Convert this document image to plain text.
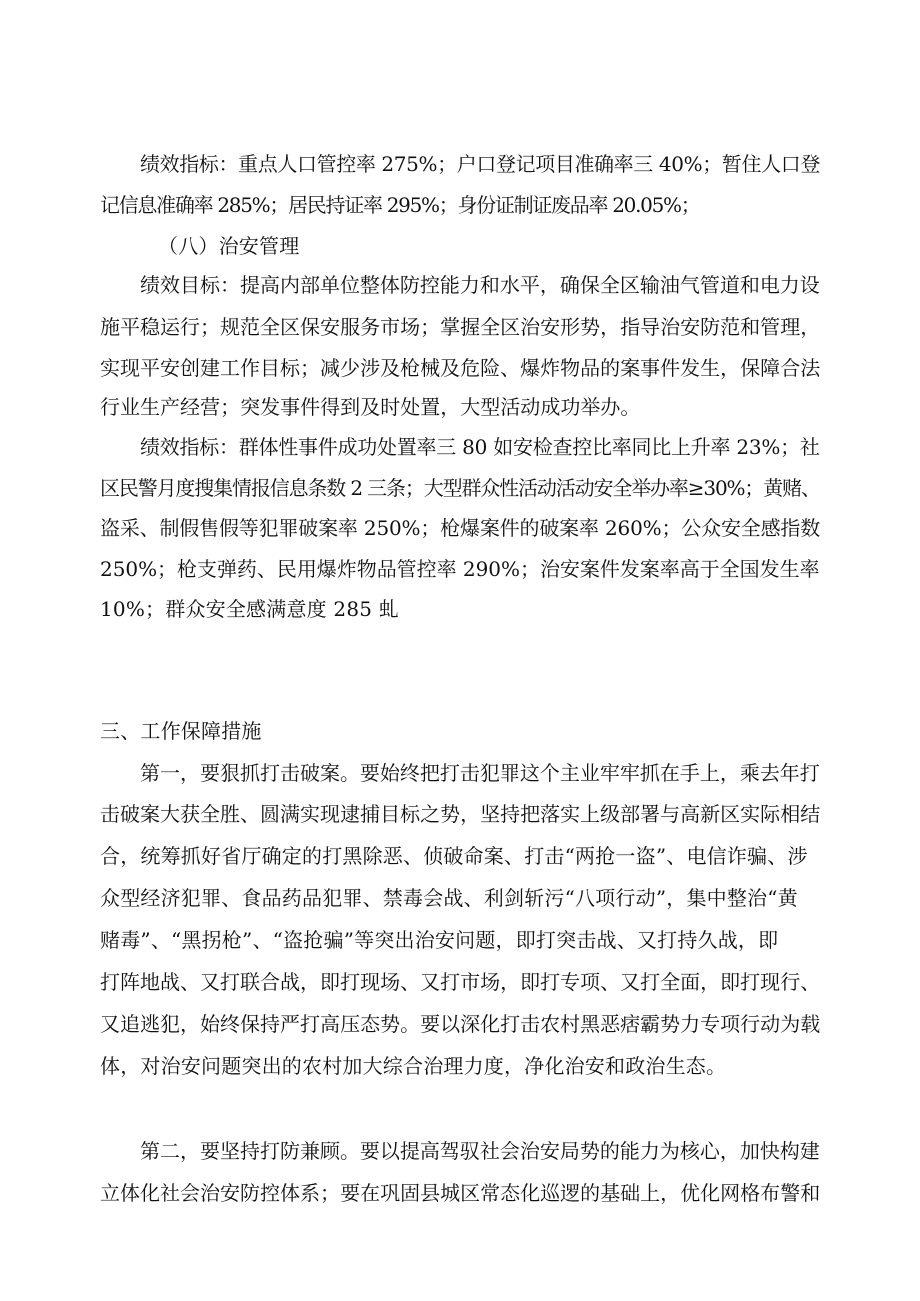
绩效指标：重点人口管控率 275%；户口登记项目准确率三 40%；暂住人口登
记信息准确率 285%；居民持证率 295%；身份证制证废品率 20.05%；
（八）治安管理
绩效目标：提高内部单位整体防控能力和水平，确保全区输油气管道和电力设
施平稳运行；规范全区保安服务市场；掌握全区治安形势，指导治安防范和管理，
实现平安创建工作目标；减少涉及枪械及危险、爆炸物品的案事件发生，保障合法
行业生产经营；突发事件得到及时处置，大型活动成功举办。
绩效指标：群体性事件成功处置率三 80 如安检查控比率同比上升率 23%；社
区民警月度搜集情报信息条数 2 三条；大型群众性活动活动安全举办率≥30%；黄赌、
盗采、制假售假等犯罪破案率 250%；枪爆案件的破案率 260%；公众安全感指数
250%；枪支弹药、民用爆炸物品管控率 290%；治安案件发案率高于全国发生率
10%；群众安全感满意度 285 虬
三、工作保障措施
第一，要狠抓打击破案。要始终把打击犯罪这个主业牢牢抓在手上，乘去年打
击破案大获全胜、圆满实现逮捕目标之势，坚持把落实上级部署与高新区实际相结
合，统筹抓好省厅确定的打黑除恶、侦破命案、打击“两抢一盗”、电信诈骗、涉
众型经济犯罪、食品药品犯罪、禁毒会战、利剑斩污“八项行动”，集中整治“黄
赌毒”、“黑拐枪”、“盗抢骗”等突出治安问题，即打突击战、又打持久战，即
打阵地战、又打联合战，即打现场、又打市场，即打专项、又打全面，即打现行、
又追逃犯，始终保持严打高压态势。要以深化打击农村黑恶痞霸势力专项行动为载
体，对治安问题突出的农村加大综合治理力度，净化治安和政治生态。
第二，要坚持打防兼顾。要以提高驾驭社会治安局势的能力为核心，加快构建
立体化社会治安防控体系；要在巩固县城区常态化巡逻的基础上，优化网格布警和
